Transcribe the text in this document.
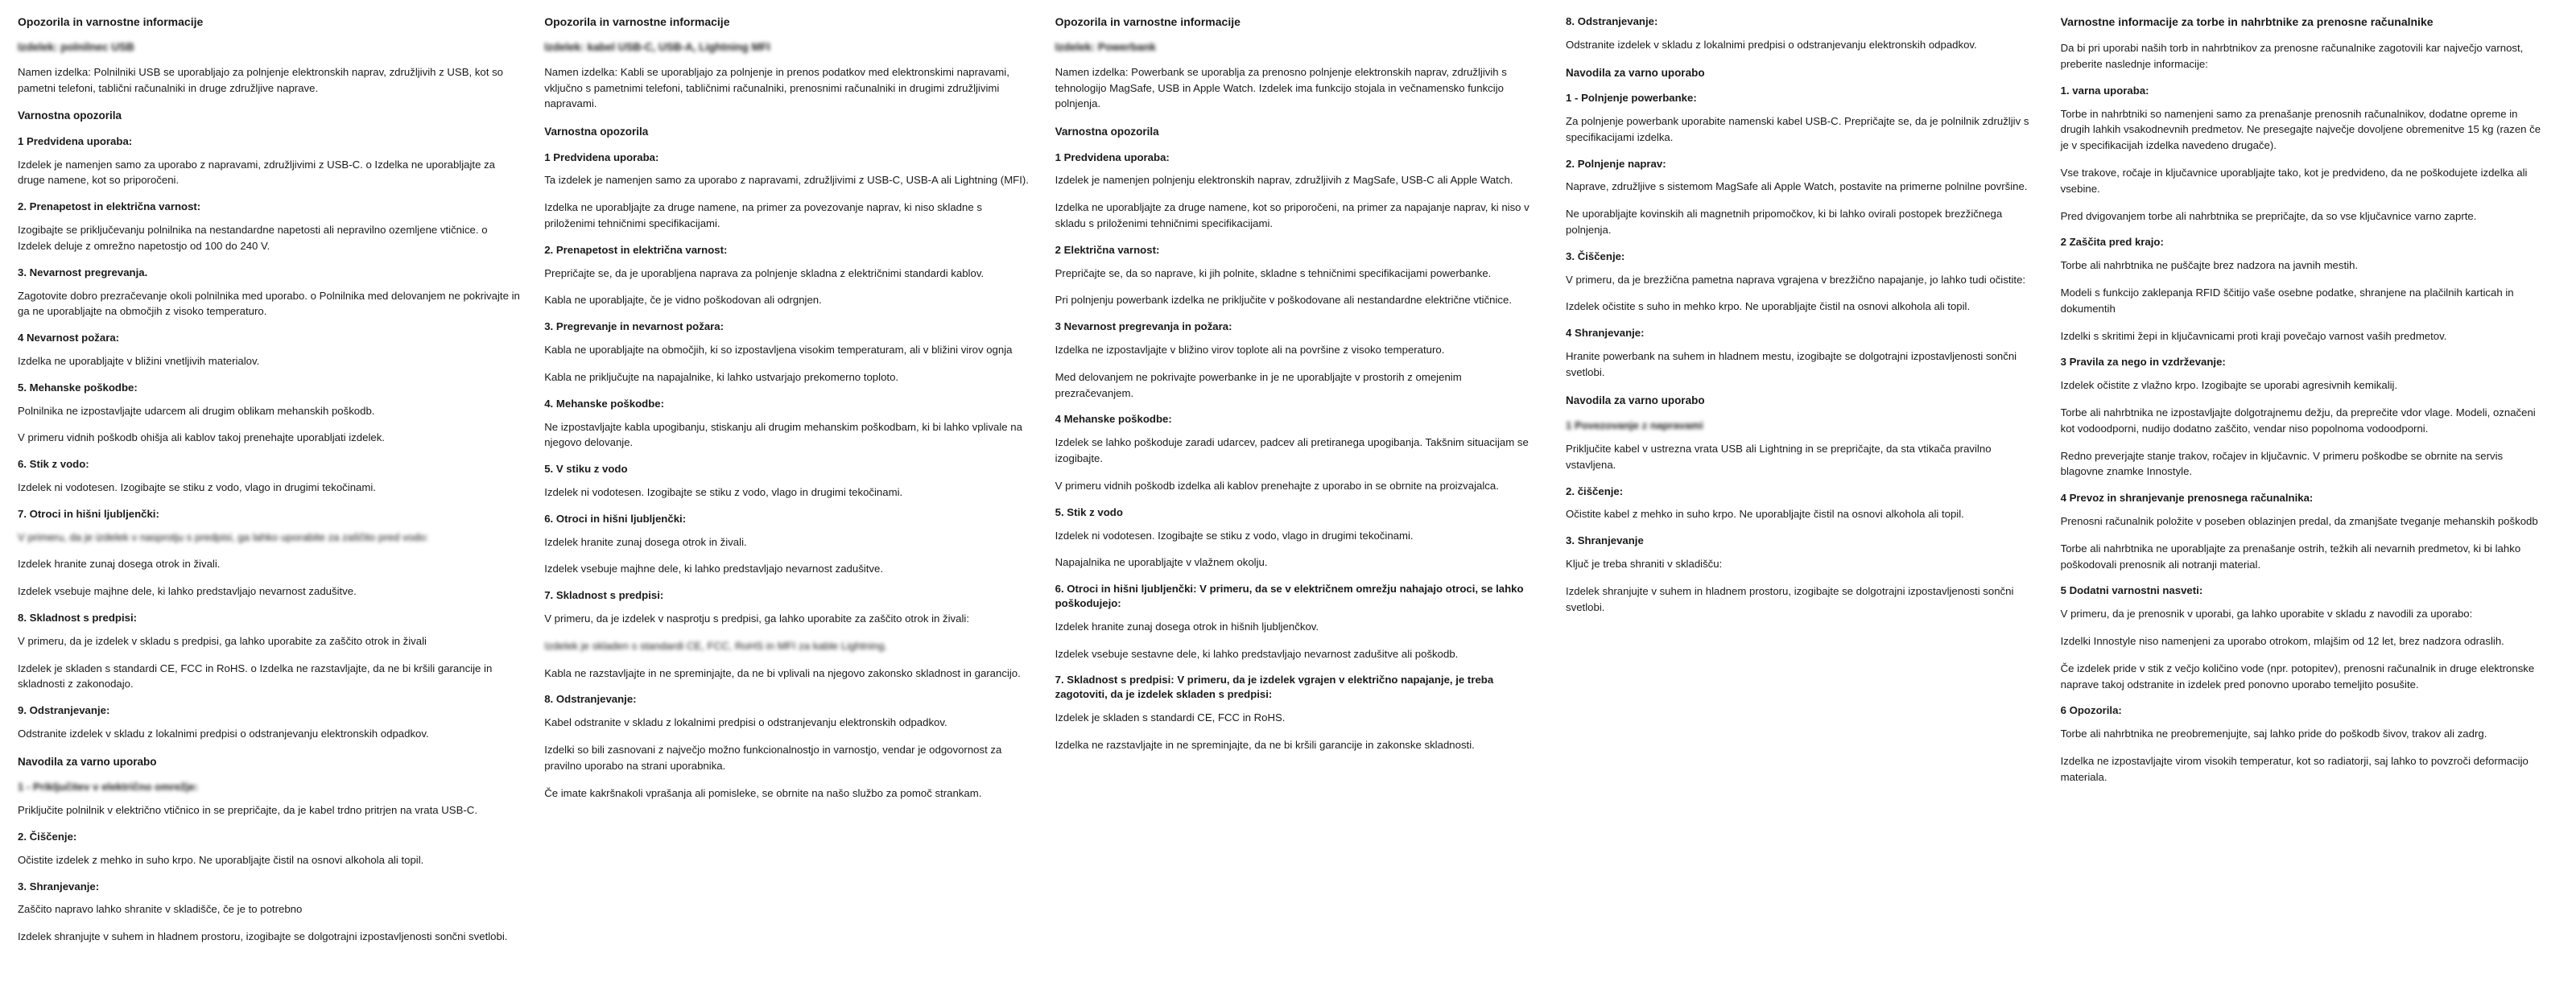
Opozorila in varnostne informacije
Izdelek: polnilnec USB
Namen izdelka: Polnilniki USB se uporabljajo za polnjenje elektronskih naprav, združljivih z USB, kot so pametni telefoni, tablični računalniki in druge združljive naprave.
Varnostna opozorila
1 Predvidena uporaba:
Izdelek je namenjen samo za uporabo z napravami, združljivimi z USB-C. o Izdelka ne uporabljajte za druge namene, kot so priporočeni.
2. Prenapetost in električna varnost:
Izogibajte se priključevanju polnilnika na nestandardne napetosti ali nepravilno ozemljene vtičnice. o Izdelek deluje z omrežno napetostjo od 100 do 240 V.
3. Nevarnost pregrevanja.
Zagotovite dobro prezračevanje okoli polnilnika med uporabo. o Polnilnika med delovanjem ne pokrivajte in ga ne uporabljajte na območjih z visoko temperaturo.
4 Nevarnost požara:
Izdelka ne uporabljajte v bližini vnetljivih materialov.
5. Mehanske poškodbe:
Polnilnika ne izpostavljajte udarcem ali drugim oblikam mehanskih poškodb.
V primeru vidnih poškodb ohišja ali kablov takoj prenehajte uporabljati izdelek.
6. Stik z vodo:
Izdelek ni vodotesen. Izogibajte se stiku z vodo, vlago in drugimi tekočinami.
7. Otroci in hišni ljubljenčki:
V primeru, da je izdelek v nasprotju s predpisi, ga lahko uporabite za zaščito pred vodo:
Izdelek hranite zunaj dosega otrok in živali.
Izdelek vsebuje majhne dele, ki lahko predstavljajo nevarnost zadušitve.
8. Skladnost s predpisi:
V primeru, da je izdelek v skladu s predpisi, ga lahko uporabite za zaščito otrok in živali
Izdelek je skladen s standardi CE, FCC in RoHS. o Izdelka ne razstavljajte, da ne bi kršili garancije in skladnosti z zakonodajo.
9. Odstranjevanje:
Odstranite izdelek v skladu z lokalnimi predpisi o odstranjevanju elektronskih odpadkov.
Navodila za varno uporabo
1 - Priključitev v električno omrežje:
Priključite polnilnik v električno vtičnico in se prepričajte, da je kabel trdno pritrjen na vrata USB-C.
2. Čiščenje:
Očistite izdelek z mehko in suho krpo. Ne uporabljajte čistil na osnovi alkohola ali topil.
3. Shranjevanje:
Zaščito napravo lahko shranite v skladišče, če je to potrebno
Izdelek shranjujte v suhem in hladnem prostoru, izogibajte se dolgotrajni izpostavljenosti sončni svetlobi.
Opozorila in varnostne informacije
Izdelek: kabel USB-C, USB-A, Lightning MFI
Namen izdelka: Kabli se uporabljajo za polnjenje in prenos podatkov med elektronskimi napravami, vključno s pametnimi telefoni, tabličnimi računalniki, prenosnimi računalniki in drugimi združljivimi napravami.
Varnostna opozorila
1 Predvidena uporaba:
Ta izdelek je namenjen samo za uporabo z napravami, združljivimi z USB-C, USB-A ali Lightning (MFI).
Izdelka ne uporabljajte za druge namene, na primer za povezovanje naprav, ki niso skladne s priloženimi tehničnimi specifikacijami.
2. Prenapetost in električna varnost:
Prepričajte se, da je uporabljena naprava za polnjenje skladna z električnimi standardi kablov.
Kabla ne uporabljajte, če je vidno poškodovan ali odrgnjen.
3. Pregrevanje in nevarnost požara:
Kabla ne uporabljajte na območjih, ki so izpostavljena visokim temperaturam, ali v bližini virov ognja
Kabla ne priključujte na napajalnike, ki lahko ustvarjajo prekomerno toploto.
4. Mehanske poškodbe:
Ne izpostavljajte kabla upogibanju, stiskanju ali drugim mehanskim poškodbam, ki bi lahko vplivale na njegovo delovanje.
5. V stiku z vodo
Izdelek ni vodotesen. Izogibajte se stiku z vodo, vlago in drugimi tekočinami.
6. Otroci in hišni ljubljenčki:
Izdelek hranite zunaj dosega otrok in živali.
Izdelek vsebuje majhne dele, ki lahko predstavljajo nevarnost zadušitve.
7. Skladnost s predpisi:
V primeru, da je izdelek v nasprotju s predpisi, ga lahko uporabite za zaščito otrok in živali:
Izdelek je skladen s standardi CE, FCC, RoHS in MFI za kable Lightning.
Kabla ne razstavljajte in ne spreminjajte, da ne bi vplivali na njegovo zakonsko skladnost in garancijo.
8. Odstranjevanje:
Kabel odstranite v skladu z lokalnimi predpisi o odstranjevanju elektronskih odpadkov.
Izdelki so bili zasnovani z največjo možno funkcionalnostjo in varnostjo, vendar je odgovornost za pravilno uporabo na strani uporabnika.
Če imate kakršnakoli vprašanja ali pomisleke, se obrnite na našo službo za pomoč strankam.
Opozorila in varnostne informacije
Izdelek: Powerbank
Namen izdelka: Powerbank se uporablja za prenosno polnjenje elektronskih naprav, združljivih s tehnologijo MagSafe, USB in Apple Watch. Izdelek ima funkcijo stojala in večnamensko funkcijo polnjenja.
Varnostna opozorila
1 Predvidena uporaba:
Izdelek je namenjen polnjenju elektronskih naprav, združljivih z MagSafe, USB-C ali Apple Watch.
Izdelka ne uporabljajte za druge namene, kot so priporočeni, na primer za napajanje naprav, ki niso v skladu s priloženimi tehničnimi specifikacijami.
2 Električna varnost:
Prepričajte se, da so naprave, ki jih polnite, skladne s tehničnimi specifikacijami powerbanke.
Pri polnjenju powerbank izdelka ne priključite v poškodovane ali nestandardne električne vtičnice.
3 Nevarnost pregrevanja in požara:
Izdelka ne izpostavljajte v bližino virov toplote ali na površine z visoko temperaturo.
Med delovanjem ne pokrivajte powerbanke in je ne uporabljajte v prostorih z omejenim prezračevanjem.
4 Mehanske poškodbe:
Izdelek se lahko poškoduje zaradi udarcev, padcev ali pretiranega upogibanja. Takšnim situacijam se izogibajte.
V primeru vidnih poškodb izdelka ali kablov prenehajte z uporabo in se obrnite na proizvajalca.
5. Stik z vodo
Izdelek ni vodotesen. Izogibajte se stiku z vodo, vlago in drugimi tekočinami.
Napajalnika ne uporabljajte v vlažnem okolju.
6. Otroci in hišni ljubljenčki: V primeru, da se v električnem omrežju nahajajo otroci, se lahko poškodujejo:
Izdelek hranite zunaj dosega otrok in hišnih ljubljenčkov.
Izdelek vsebuje sestavne dele, ki lahko predstavljajo nevarnost zadušitve ali poškodb.
7. Skladnost s predpisi: V primeru, da je izdelek vgrajen v električno napajanje, je treba zagotoviti, da je izdelek skladen s predpisi:
Izdelek je skladen s standardi CE, FCC in RoHS.
Izdelka ne razstavljajte in ne spreminjajte, da ne bi kršili garancije in zakonske skladnosti.
8. Odstranjevanje:
Odstranite izdelek v skladu z lokalnimi predpisi o odstranjevanju elektronskih odpadkov.
Navodila za varno uporabo
1 - Polnjenje powerbanke:
Za polnjenje powerbank uporabite namenski kabel USB-C. Prepričajte se, da je polnilnik združljiv s specifikacijami izdelka.
2. Polnjenje naprav:
Naprave, združljive s sistemom MagSafe ali Apple Watch, postavite na primerne polnilne površine.
Ne uporabljajte kovinskih ali magnetnih pripomočkov, ki bi lahko ovirali postopek brezžičnega polnjenja.
3. Čiščenje:
V primeru, da je brezžična pametna naprava vgrajena v brezžično napajanje, jo lahko tudi očistite:
Izdelek očistite s suho in mehko krpo. Ne uporabljajte čistil na osnovi alkohola ali topil.
4 Shranjevanje:
Hranite powerbank na suhem in hladnem mestu, izogibajte se dolgotrajni izpostavljenosti sončni svetlobi.
Navodila za varno uporabo
1 Povezovanje z napravami
Priključite kabel v ustrezna vrata USB ali Lightning in se prepričajte, da sta vtikača pravilno vstavljena.
2. čiščenje:
Očistite kabel z mehko in suho krpo. Ne uporabljajte čistil na osnovi alkohola ali topil.
3. Shranjevanje
Ključ je treba shraniti v skladišču:
Izdelek shranjujte v suhem in hladnem prostoru, izogibajte se dolgotrajni izpostavljenosti sončni svetlobi.
Varnostne informacije za torbe in nahrbtnike za prenosne računalnike
Da bi pri uporabi naših torb in nahrbtnikov za prenosne računalnike zagotovili kar največjo varnost, preberite naslednje informacije:
1. varna uporaba:
Torbe in nahrbtniki so namenjeni samo za prenašanje prenosnih računalnikov, dodatne opreme in drugih lahkih vsakodnevnih predmetov. Ne presegajte največje dovoljene obremenitve 15 kg (razen če je v specifikacijah izdelka navedeno drugače).
Vse trakove, ročaje in ključavnice uporabljajte tako, kot je predvideno, da ne poškodujete izdelka ali vsebine.
Pred dvigovanjem torbe ali nahrbtnika se prepričajte, da so vse ključavnice varno zaprte.
2 Zaščita pred krajo:
Torbe ali nahrbtnika ne puščajte brez nadzora na javnih mestih.
Modeli s funkcijo zaklepanja RFID ščitijo vaše osebne podatke, shranjene na plačilnih karticah in dokumentih
Izdelki s skritimi žepi in ključavnicami proti kraji povečajo varnost vaših predmetov.
3 Pravila za nego in vzdrževanje:
Izdelek očistite z vlažno krpo. Izogibajte se uporabi agresivnih kemikalij.
Torbe ali nahrbtnika ne izpostavljajte dolgotrajnemu dežju, da preprečite vdor vlage. Modeli, označeni kot vodoodporni, nudijo dodatno zaščito, vendar niso popolnoma vodoodporni.
Redno preverjajte stanje trakov, ročajev in ključavnic. V primeru poškodbe se obrnite na servis blagovne znamke Innostyle.
4 Prevoz in shranjevanje prenosnega računalnika:
Prenosni računalnik položite v poseben oblazinjen predal, da zmanjšate tveganje mehanskih poškodb
Torbe ali nahrbtnika ne uporabljajte za prenašanje ostrih, težkih ali nevarnih predmetov, ki bi lahko poškodovali prenosnik ali notranji material.
5 Dodatni varnostni nasveti:
V primeru, da je prenosnik v uporabi, ga lahko uporabite v skladu z navodili za uporabo:
Izdelki Innostyle niso namenjeni za uporabo otrokom, mlajšim od 12 let, brez nadzora odraslih.
Če izdelek pride v stik z večjo količino vode (npr. potopitev), prenosni računalnik in druge elektronske naprave takoj odstranite in izdelek pred ponovno uporabo temeljito posušite.
6 Opozorila:
Torbe ali nahrbtnika ne preobremenjujte, saj lahko pride do poškodb šivov, trakov ali zadrg.
Izdelka ne izpostavljajte virom visokih temperatur, kot so radiatorji, saj lahko to povzroči deformacijo materiala.
